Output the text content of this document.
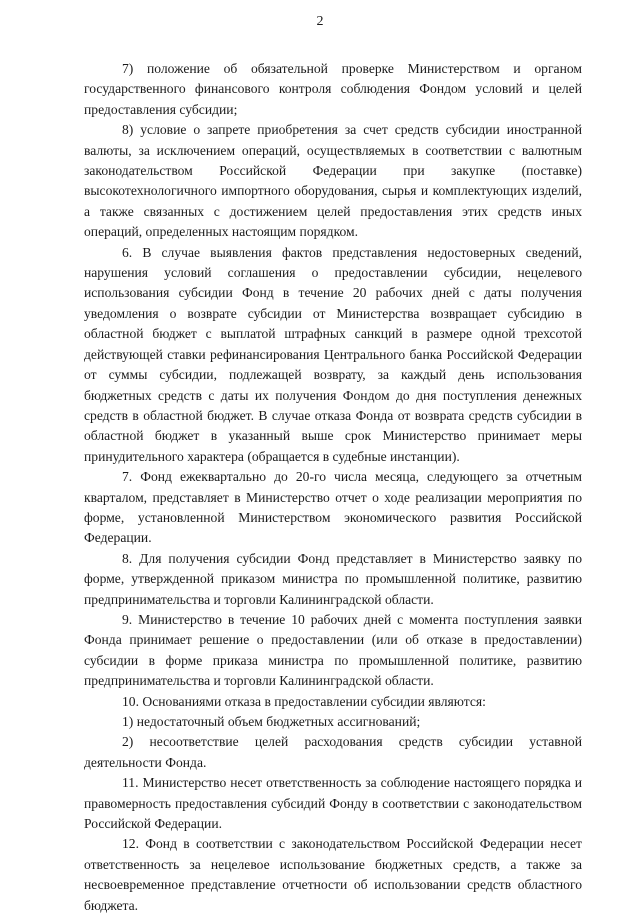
2

7) положение об обязательной проверке Министерством и органом государственного финансового контроля соблюдения Фондом условий и целей предоставления субсидии;

8) условие о запрете приобретения за счет средств субсидии иностранной валюты, за исключением операций, осуществляемых в соответствии с валютным законодательством Российской Федерации при закупке (поставке) высокотехнологичного импортного оборудования, сырья и комплектующих изделий, а также связанных с достижением целей предоставления этих средств иных операций, определенных настоящим порядком.

6. В случае выявления фактов представления недостоверных сведений, нарушения условий соглашения о предоставлении субсидии, нецелевого использования субсидии Фонд в течение 20 рабочих дней с даты получения уведомления о возврате субсидии от Министерства возвращает субсидию в областной бюджет с выплатой штрафных санкций в размере одной трехсотой действующей ставки рефинансирования Центрального банка Российской Федерации от суммы субсидии, подлежащей возврату, за каждый день использования бюджетных средств с даты их получения Фондом до дня поступления денежных средств в областной бюджет. В случае отказа Фонда от возврата средств субсидии в областной бюджет в указанный выше срок Министерство принимает меры принудительного характера (обращается в судебные инстанции).

7. Фонд ежеквартально до 20-го числа месяца, следующего за отчетным кварталом, представляет в Министерство отчет о ходе реализации мероприятия по форме, установленной Министерством экономического развития Российской Федерации.

8. Для получения субсидии Фонд представляет в Министерство заявку по форме, утвержденной приказом министра по промышленной политике, развитию предпринимательства и торговли Калининградской области.

9. Министерство в течение 10 рабочих дней с момента поступления заявки Фонда принимает решение о предоставлении (или об отказе в предоставлении) субсидии в форме приказа министра по промышленной политике, развитию предпринимательства и торговли Калининградской области.

10. Основаниями отказа в предоставлении субсидии являются:

1) недостаточный объем бюджетных ассигнований;

2) несоответствие целей расходования средств субсидии уставной деятельности Фонда.

11. Министерство несет ответственность за соблюдение настоящего порядка и правомерность предоставления субсидий Фонду в соответствии с законодательством Российской Федерации.

12. Фонд в соответствии с законодательством Российской Федерации несет ответственность за нецелевое использование бюджетных средств, а также за несвоевременное представление отчетности об использовании средств областного бюджета.
